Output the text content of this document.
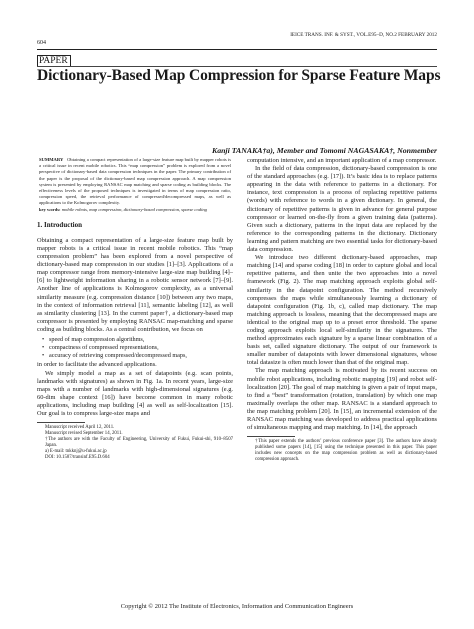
604
IEICE TRANS. INF. & SYST., VOL.E95–D, NO.2 FEBRUARY 2012
PAPER
Dictionary-Based Map Compression for Sparse Feature Maps
Kanji TANAKA†a), Member and Tomomi NAGASAKA†, Nonmember
SUMMARY Obtaining a compact representation of a large-size feature map built by mapper robots is a critical issue in recent mobile robotics. This “map compression” problem is explored from a novel perspective of dictionary-based data compression techniques in the paper. The primary contribution of the paper is the proposal of the dictionary-based map compression approach. A map compression system is presented by employing RANSAC map matching and sparse coding as building blocks. The effectiveness levels of the proposed techniques is investigated in terms of map compression ratio, compression speed, the retrieval performance of compressed/decompressed maps, as well as applications to the Kolmogorov complexity.
key words: mobile robots, map compression, dictionary-based compression, sparse coding
1. Introduction

Obtaining a compact representation of a large-size feature map built by mapper robots is a critical issue in recent mobile robotics. This “map compression problem” has been explored from a novel perspective of dictionary-based map compression in our studies [1]–[3]. Applications of a map compressor range from memory-intensive large-size map building [4]–[6] to lightweight information sharing in a robotic sensor network [7]–[9]. Another line of applications is Kolmogorov complexity, as a universal similarity measure (e.g. compression distance [10]) between any two maps, in the context of information retrieval [11], semantic labeling [12], as well as similarity clustering [13]. In the current paper†, a dictionary-based map compressor is presented by employing RANSAC map-matching and sparse coding as building blocks. As a central contribution, we focus on

• speed of map compression algorithms,
• compactness of compressed representations,
• accuracy of retrieving compressed/decompressed maps,

in order to facilitate the advanced applications.

We simply model a map as a set of datapoints (e.g. scan points, landmarks with signatures) as shown in Fig. 1a. In recent years, large-size maps with a number of landmarks with high-dimensional signatures (e.g. 60-dim shape context [16]) have become common in many robotic applications, including map building [4] as well as self-localization [15]. Our goal is to compress large-size maps and

Manuscript received April 12, 2011.

Manuscript revised September 14, 2011.

†The authors are with the Faculty of Engineering, University of Fukui, Fukui-shi, 910–8507 Japan.

a) E-mail: tnkknj@u-fukui.ac.jp

DOI: 10.1587/transinf.E95.D.604

computation intensive, and an important application of a map compressor.

In the field of data compression, dictionary-based compression is one of the standard approaches (e.g. [17]). It’s basic idea is to replace patterns appearing in the data with reference to patterns in a dictionary. For instance, text compression is a process of replacing repetitive patterns (words) with reference to words in a given dictionary. In general, the dictionary of repetitive patterns is given in advance for general purpose compressor or learned on-the-fly from a given training data (patterns). Given such a dictionary, patterns in the input data are replaced by the reference to the corresponding patterns in the dictionary. Dictionary learning and pattern matching are two essential tasks for dictionary-based data compression.

We introduce two different dictionary-based approaches, map matching [14] and sparse coding [18] in order to capture global and local repetitive patterns, and then unite the two approaches into a novel framework (Fig. 2). The map matching approach exploits global self-similarity in the datapoint configuration. The method recursively compresses the maps while simultaneously learning a dictionary of datapoint configuration (Fig. 1b, c), called map dictionary. The map matching approach is lossless, meaning that the decompressed maps are identical to the original map up to a preset error threshold. The sparse coding approach exploits local self-similarity in the signatures. The method approximates each signature by a sparse linear combination of a basis set, called signature dictionary. The output of our framework is smaller number of datapoints with lower dimensional signatures, whose total datasize is often much lower than that of the original map.

The map matching approach is motivated by its recent success on mobile robot applications, including robotic mapping [19] and robot self-localization [20]. The goal of map matching is given a pair of input maps, to find a “best” transformation (rotation, translation) by which one map maximally overlaps the other map. RANSAC is a standard approach to the map matching problem [20]. In [15], an incremental extension of the RANSAC map matching was developed to address practical applications of simultaneous mapping and map matching. In [14], the approach

†This paper extends the authors’ previous conference paper [3]. The authors have already published some papers [14], [15] using the technique presented in this paper. This paper includes new concepts on the map compression problem as well as dictionary-based compression approach.

Copyright © 2012 The Institute of Electronics, Information and Communication Engineers
